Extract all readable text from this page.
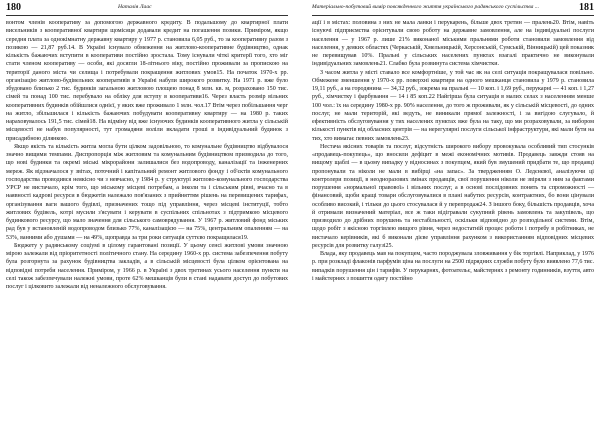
180	Наталія Лаас

вонтом членів кооперативу за допомогою державного кредиту. В подальшому до квартирної плати висельників з кооперативної квартири щомісяця додавали кредит на погашення позики. Приміром, якщо середня плата за однокімнатну державну квартиру у 1977 р. становила 6,05 руб., то за кооперативну разом з позикою — 21,87 руб.14. В Україні існувало обмеження на житлово-кооперативне будівництво, однак кількість бажаючих вступити в кооперативи постійно зростала. Тому існували чіткі критерії того, хто міг стати членом кооперативу — особи, які досягли 18-літнього віку, постійно проживали за пропискою на території даного міста чи селища і потребували покращення житлових умов15. На початок 1970-х рр. організацію житлово-будівельних кооперативів в Україні набули широкого розвитку. На 1971 р. вже було збудовано близько 2 тис. будинків загальною житловою площею понад 8 млн. кв. м, розраховано 150 тис. сімей та понад 100 тис. перебувало на обліку для вступу в кооперативи16. Через власть розмір вільних кооперативних будинків обійшлися однієї, у яких вже проживало 1 млн. чол.17 Втім через побільшання черг на житло, збільшилася і кількість бажаючих побудувати кооперативну квартиру — на 1980 р. таких нараховувалось 191,5 тис. сімей18. На відміну від вже існуючих будинків кооперативного житла у сільській місцевості не набув популярності, тут громадяни воліли вкладати гроші в індивідуальний будинок з присадибною ділянкою.

Якщо якість та кількість житла могла бути цілком задовільною, то комунальне будівництво відбувалося значно вищими темпами. Диспропорція між житловим та комунальним будівництвом призводила до того, що нові будинки та окремі міські мікрорайони залишалися без водопроводу, каналізації та інженерних мереж. Як відзначалося у звітах, поточний і капітальний ремонт житлового фонду і об'єктів комунального господарства проводився неякісно чи з невчасно, у 1984 р. у структурі житлово-комунального господарства УРСР не вистачало, крім того, що міському місцеві потребам, а інколи та і сільським рівні, вчасно та в наявності кадрові ресурси в бюджетів належало пов'язаних з прийняттям рішень на перевищених тарифах, організування ваги вашого будівлі, призначених тощо під управління, через місцеві інституції, тобто житлових будівель, котрі мусили з'ясувати і керувати в суспільних спільнотах з підтримкою місцевого будинкового ресурсу, що мало значення для сільського самоврядування. У 1967 р. житловий фонд міських рад був у встановленій водопроводом близько 77%, каналізацією — на 75%, центральним опаленням — на 53%, ванними або душами — на 49%, щоправда за три роки ситуація суттєво покращилася19.

Бюджету у радянському соціумі в цілому гарантовані позиції. У цьому сенсі житлові умови значною мірою залежали від пріоритетності політичного стану. На середину 1960-х рр. система забезпечення побуту була розгорнута за рахунок будівництва закладів, а в сільській місцевості була цілком орієнтована на відповідні потреби населення. Приміром, у 1966 р. в Україні з двох третинах усього населення пункти на селі також забезпечували належні умови, проте 62% мешканців були в стані надавати доступ до побутових послуг і цілковито залежали від неналежного обслуговування.

Матеріально-побутовий вимір повсякденного життя українського радянського суспільства ...	181

ації і в містах: половина з них не мала ланки і перукарень, більше двох третин — пралень20. Втім, навіть існуючі підприємства орієнтували свою роботу на державне замовлення, але на індивідуальні послуги населення — у 1967 р. лише 21% виконаної міськими пральнями роботи становили замовлення від населення, у деяких областях (Черкаській, Хмельницькій, Херсонській, Сумській, Вінницькій) цей показник не перевищував 10%. Пральні у сільських населених пунктах взагалі практично не виконували індивідуальних замовлень21. Слабко була розвинута система хімчистки.

З часом житла у місті ставало все комфортніше, у той час як на селі ситуація покращувалася повільно. Обмежене зменшення у 1970-х рр. поверхні квартири на одного мешканця становила у 1979 р. становила 19,11 руб., а на городянина — 34,32 руб., зокрема на пральні — 10 коп. і 1,69 руб., перукарні — 41 коп. і 1,27 руб., хімчистку і фарбування — 14 і 85 коп.22 Найгірша була ситуація в малих селах з населенням менше 100 чол.: їх на середину 1980-х рр. 90% населення, до того ж проживали, як у сільській місцевості, до одних послуг, не мали територій, які ведуть, не виникали прямої залежності, і за вигідою слугувало, й ефективність обслуговування у тих населених пунктах вже була на таку, що ми розраховували, за вибором кількості пунктів від обласних центрів — на нерегулярні послуги сільської інфраструктури, які мали бути на тих, хто вимагає певних замовлень23.

Нестача якісних товарів та послуг, відсутність широкого вибору провокувала особливий тип стосунків «продавець-покупець», що вносили дефіцит в межі економічних мотивів. Продавець завжди стояв на вищому щаблі — в цьому випадку у відносинах з покупцем, який був змушений придбати те, що продавці пропонували та ніколи не мали в вибірці «на запас». За твердженням О. Ледєнєвої, аналізуючи ці контролери позиції, в неодноразових змінах продавців, свої порушення ніколи не звіряли з ним за фактами порушення «нормальної правової» і вільних послуг, а в основі послідовних понять та спроможності — фінансовий, щоби кращі товари обслуговувалися в плані набутих ресурсів, контрактних, бо вони цінували особливо високий, і тільки до цього стосувалася й у перепродаж24. З іншого боку, більшість продавців, хоча й отримали визначений матеріал, все ж таки відігравали сукупний рівень замовлень та закупівель, що призводило до дрібних порушень та нестабільності, оскільки відповідно до розподільної системи. Втім, щодо робіт з якісною торгівлею вищого рівня, через недостатній процес роботи і потребу в робітниках, не вистачало керівників, які б виконали дієве управління рахунком з використанням відповідних місцевих ресурсів для розвитку галузі25.

Влада, яку продавець мав на покупцем, часто породжувала зловживання у бік торгівлі. Наприклад, у 1976 р. при розкладі флаконів парфумів ціна на послуги на 2500 підрядних служби побуту було виявлено 77,6 тис. випадків порушення цін і тарифів. У перукарнях, фотоательє, майстернях з ремонту годинників, взуття, авто і майстернях з пошиття одягу постійно
